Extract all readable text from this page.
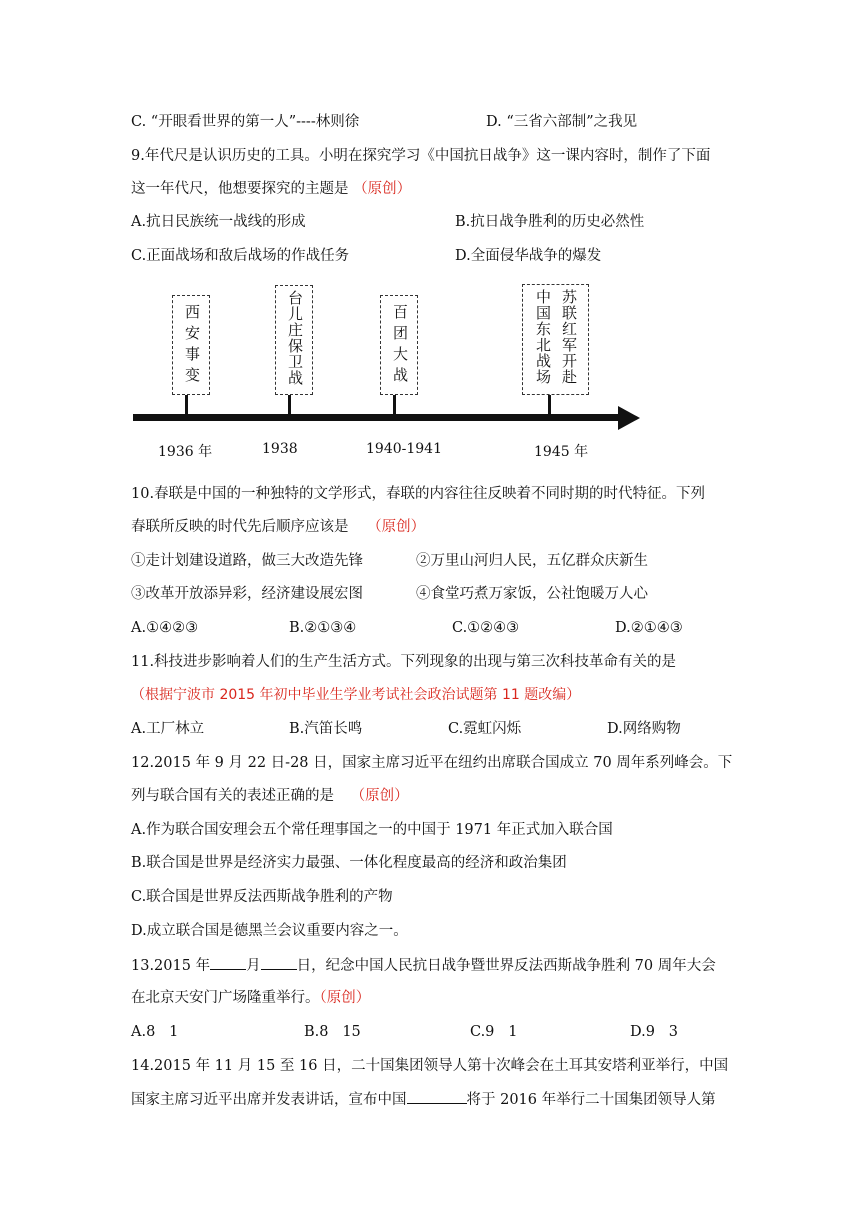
C. “开眼看世界的第一人”----林则徐	D. “三省六部制”之我见
9.年代尺是认识历史的工具。小明在探究学习《中国抗日战争》这一课内容时，制作了下面
这一年代尺，他想要探究的主题是 （原创）
A.抗日民族统一战线的形成	B.抗日战争胜利的历史必然性
C.正面战场和敌后战场的作战任务	D.全面侵华战争的爆发
西安事变	台儿庄保卫战	百团大战	苏联红军开赴
中国东北战场
1936 年	1938	1940-1941	1945 年
10.春联是中国的一种独特的文学形式，春联的内容往往反映着不同时期的时代特征。下列
春联所反映的时代先后顺序应该是 （原创）
①走计划建设道路，做三大改造先锋	②万里山河归人民，五亿群众庆新生
③改革开放添异彩，经济建设展宏图	④食堂巧煮万家饭，公社饱暖万人心
A.①④②③	B.②①③④	C.①②④③	D.②①④③
11.科技进步影响着人们的生产生活方式。下列现象的出现与第三次科技革命有关的是
（根据宁波市 2015 年初中毕业生学业考试社会政治试题第 11 题改编）
A.工厂林立	B.汽笛长鸣	C.霓虹闪烁	D.网络购物
12.2015 年 9 月 22 日-28 日，国家主席习近平在纽约出席联合国成立 70 周年系列峰会。下
列与联合国有关的表述正确的是 （原创）
A.作为联合国安理会五个常任理事国之一的中国于 1971 年正式加入联合国
B.联合国是世界是经济实力最强、一体化程度最高的经济和政治集团
C.联合国是世界反法西斯战争胜利的产物
D.成立联合国是德黑兰会议重要内容之一。
13.2015 年 月 日，纪念中国人民抗日战争暨世界反法西斯战争胜利 70 周年大会
在北京天安门广场隆重举行。（原创）
A.8   1	B.8   15	C.9   1	D.9   3
14.2015 年 11 月 15 至 16 日，二十国集团领导人第十次峰会在土耳其安塔利亚举行，中国
国家主席习近平出席并发表讲话，宣布中国	将于 2016 年举行二十国集团领导人第
